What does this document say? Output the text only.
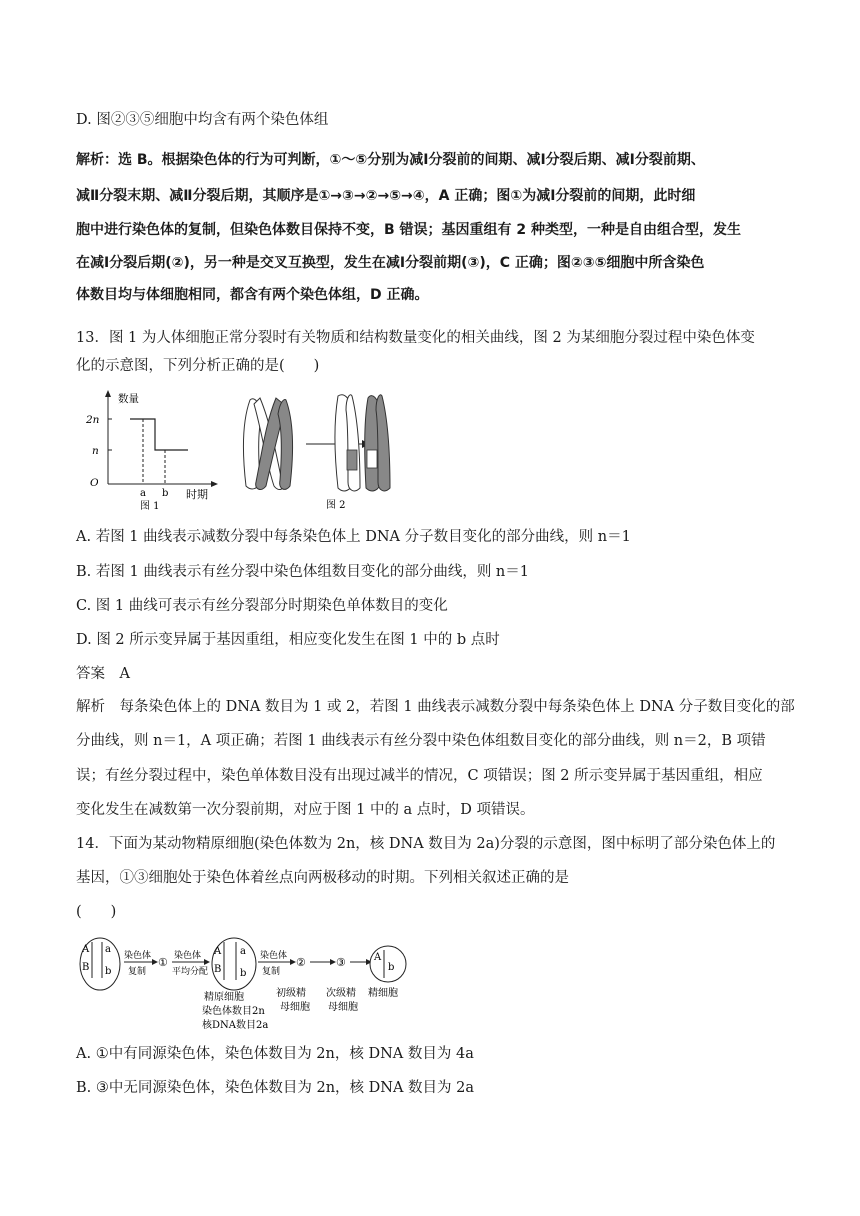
D. 图②③⑤细胞中均含有两个染色体组
解析：选 B。根据染色体的行为可判断，①～⑤分别为减Ⅰ分裂前的间期、减Ⅰ分裂后期、减Ⅰ分裂前期、
减Ⅱ分裂末期、减Ⅱ分裂后期，其顺序是①→③→②→⑤→④，A 正确；图①为减Ⅰ分裂前的间期，此时细
胞中进行染色体的复制，但染色体数目保持不变，B 错误；基因重组有 2 种类型，一种是自由组合型，发生
在减Ⅰ分裂后期(②)，另一种是交叉互换型，发生在减Ⅰ分裂前期(③)，C 正确；图②③⑤细胞中所含染色
体数目均与体细胞相同，都含有两个染色体组，D 正确。
13．图 1 为人体细胞正常分裂时有关物质和结构数量变化的相关曲线，图 2 为某细胞分裂过程中染色体变
化的示意图，下列分析正确的是(　　)
数量
2n
n
O
a b 时期
图 1	图 2
A. 若图 1 曲线表示减数分裂中每条染色体上 DNA 分子数目变化的部分曲线，则 n＝1
B. 若图 1 曲线表示有丝分裂中染色体组数目变化的部分曲线，则 n＝1
C. 图 1 曲线可表示有丝分裂部分时期染色单体数目的变化
D. 图 2 所示变异属于基因重组，相应变化发生在图 1 中的 b 点时
答案　A
解析　每条染色体上的 DNA 数目为 1 或 2，若图 1 曲线表示减数分裂中每条染色体上 DNA 分子数目变化的部
分曲线，则 n＝1，A 项正确；若图 1 曲线表示有丝分裂中染色体组数目变化的部分曲线，则 n＝2，B 项错
误；有丝分裂过程中，染色单体数目没有出现过减半的情况，C 项错误；图 2 所示变异属于基因重组，相应
变化发生在减数第一次分裂前期，对应于图 1 中的 a 点时，D 项错误。
14．下面为某动物精原细胞(染色体数为 2n，核 DNA 数目为 2a)分裂的示意图，图中标明了部分染色体上的
基因，①③细胞处于染色体着丝点向两极移动的时期。下列相关叙述正确的是
(　　)
A a
B b
染色体
复制
① 染色体
平均分配
A a
B b
染色体
复制
②	③	A
b
精原细胞
染色体数目2n
核DNA数目2a
初级精
母细胞
次级精
母细胞
精细胞
A. ①中有同源染色体，染色体数目为 2n，核 DNA 数目为 4a
B. ③中无同源染色体，染色体数目为 2n，核 DNA 数目为 2a
